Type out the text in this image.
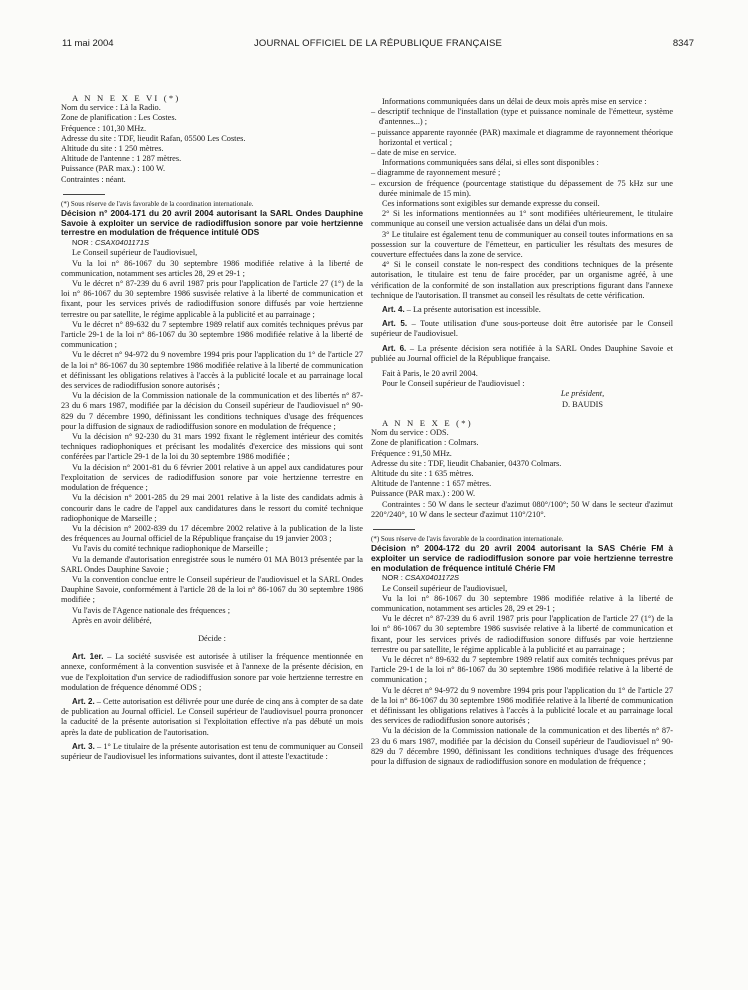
11 mai 2004	JOURNAL OFFICIEL DE LA RÉPUBLIQUE FRANÇAISE	8347

A N N E X E VI (*)

Nom du service : Là la Radio.

Zone de planification : Les Costes.

Fréquence : 101,30 MHz.

Adresse du site : TDF, lieudit Rafan, 05500 Les Costes.

Altitude du site : 1 250 mètres.

Altitude de l'antenne : 1 287 mètres.

Puissance (PAR max.) : 100 W.

Contraintes : néant.

(*) Sous réserve de l'avis favorable de la coordination internationale.

Décision n° 2004-171 du 20 avril 2004 autorisant la SARL Ondes Dauphine Savoie à exploiter un service de radiodiffusion sonore par voie hertzienne terrestre en modulation de fréquence intitulé ODS

NOR : CSAX0401171S

Le Conseil supérieur de l'audiovisuel,

Vu la loi n° 86-1067 du 30 septembre 1986 modifiée relative à la liberté de communication, notamment ses articles 28, 29 et 29-1 ;

Vu le décret n° 87-239 du 6 avril 1987 pris pour l'application de l'article 27 (1°) de la loi n° 86-1067 du 30 septembre 1986 susvisée relative à la liberté de communication et fixant, pour les services privés de radiodiffusion sonore diffusés par voie hertzienne terrestre ou par satellite, le régime applicable à la publicité et au parrainage ;

Vu le décret n° 89-632 du 7 septembre 1989 relatif aux comités techniques prévus par l'article 29-1 de la loi n° 86-1067 du 30 septembre 1986 modifiée relative à la liberté de communication ;

Vu le décret n° 94-972 du 9 novembre 1994 pris pour l'application du 1° de l'article 27 de la loi n° 86-1067 du 30 septembre 1986 modifiée relative à la liberté de communication et définissant les obligations relatives à l'accès à la publicité locale et au parrainage local des services de radiodiffusion sonore autorisés ;

Vu la décision de la Commission nationale de la communication et des libertés n° 87-23 du 6 mars 1987, modifiée par la décision du Conseil supérieur de l'audiovisuel n° 90-829 du 7 décembre 1990, définissant les conditions techniques d'usage des fréquences pour la diffusion de signaux de radiodiffusion sonore en modulation de fréquence ;

Vu la décision n° 92-230 du 31 mars 1992 fixant le règlement intérieur des comités techniques radiophoniques et précisant les modalités d'exercice des missions qui sont conférées par l'article 29-1 de la loi du 30 septembre 1986 modifiée ;

Vu la décision n° 2001-81 du 6 février 2001 relative à un appel aux candidatures pour l'exploitation de services de radiodiffusion sonore par voie hertzienne terrestre en modulation de fréquence ;

Vu la décision n° 2001-285 du 29 mai 2001 relative à la liste des candidats admis à concourir dans le cadre de l'appel aux candidatures dans le ressort du comité technique radiophonique de Marseille ;

Vu la décision n° 2002-839 du 17 décembre 2002 relative à la publication de la liste des fréquences au Journal officiel de la République française du 19 janvier 2003 ;

Vu l'avis du comité technique radiophonique de Marseille ;

Vu la demande d'autorisation enregistrée sous le numéro 01 MA B013 présentée par la SARL Ondes Dauphine Savoie ;

Vu la convention conclue entre le Conseil supérieur de l'audiovisuel et la SARL Ondes Dauphine Savoie, conformément à l'article 28 de la loi n° 86-1067 du 30 septembre 1986 modifiée ;

Vu l'avis de l'Agence nationale des fréquences ;

Après en avoir délibéré,

Décide :

Art. 1er. – La société susvisée est autorisée à utiliser la fréquence mentionnée en annexe, conformément à la convention susvisée et à l'annexe de la présente décision, en vue de l'exploitation d'un service de radiodiffusion sonore par voie hertzienne terrestre en modulation de fréquence dénommé ODS ;

Art. 2. – Cette autorisation est délivrée pour une durée de cinq ans à compter de sa date de publication au Journal officiel. Le Conseil supérieur de l'audiovisuel pourra prononcer la caducité de la présente autorisation si l'exploitation effective n'a pas débuté un mois après la date de publication de l'autorisation.

Art. 3. – 1° Le titulaire de la présente autorisation est tenu de communiquer au Conseil supérieur de l'audiovisuel les informations suivantes, dont il atteste l'exactitude :

Informations communiquées dans un délai de deux mois après mise en service :

– descriptif technique de l'installation (type et puissance nominale de l'émetteur, système d'antennes...) ;

– puissance apparente rayonnée (PAR) maximale et diagramme de rayonnement théorique horizontal et vertical ;

– date de mise en service.

Informations communiquées sans délai, si elles sont disponibles :

– diagramme de rayonnement mesuré ;

– excursion de fréquence (pourcentage statistique du dépassement de 75 kHz sur une durée minimale de 15 min).

Ces informations sont exigibles sur demande expresse du conseil.

2° Si les informations mentionnées au 1° sont modifiées ultérieurement, le titulaire communique au conseil une version actualisée dans un délai d'un mois.

3° Le titulaire est également tenu de communiquer au conseil toutes informations en sa possession sur la couverture de l'émetteur, en particulier les résultats des mesures de couverture effectuées dans la zone de service.

4° Si le conseil constate le non-respect des conditions techniques de la présente autorisation, le titulaire est tenu de faire procéder, par un organisme agréé, à une vérification de la conformité de son installation aux prescriptions figurant dans l'annexe technique de l'autorisation. Il transmet au conseil les résultats de cette vérification.

Art. 4. – La présente autorisation est incessible.

Art. 5. – Toute utilisation d'une sous-porteuse doit être autorisée par le Conseil supérieur de l'audiovisuel.

Art. 6. – La présente décision sera notifiée à la SARL Ondes Dauphine Savoie et publiée au Journal officiel de la République française.

Fait à Paris, le 20 avril 2004.

Pour le Conseil supérieur de l'audiovisuel :

Le président,

D. BAUDIS

A N N E X E (*)

Nom du service : ODS.

Zone de planification : Colmars.

Fréquence : 91,50 MHz.

Adresse du site : TDF, lieudit Chabanier, 04370 Colmars.

Altitude du site : 1 635 mètres.

Altitude de l'antenne : 1 657 mètres.

Puissance (PAR max.) : 200 W.

Contraintes : 50 W dans le secteur d'azimut 080°/100°; 50 W dans le secteur d'azimut 220°/240°, 10 W dans le secteur d'azimut 110°/210°.

(*) Sous réserve de l'avis favorable de la coordination internationale.

Décision n° 2004-172 du 20 avril 2004 autorisant la SAS Chérie FM à exploiter un service de radiodiffusion sonore par voie hertzienne terrestre en modulation de fréquence intitulé Chérie FM

NOR : CSAX0401172S

Le Conseil supérieur de l'audiovisuel,

Vu la loi n° 86-1067 du 30 septembre 1986 modifiée relative à la liberté de communication, notamment ses articles 28, 29 et 29-1 ;

Vu le décret n° 87-239 du 6 avril 1987 pris pour l'application de l'article 27 (1°) de la loi n° 86-1067 du 30 septembre 1986 susvisée relative à la liberté de communication et fixant, pour les services privés de radiodiffusion sonore diffusés par voie hertzienne terrestre ou par satellite, le régime applicable à la publicité et au parrainage ;

Vu le décret n° 89-632 du 7 septembre 1989 relatif aux comités techniques prévus par l'article 29-1 de la loi n° 86-1067 du 30 septembre 1986 modifiée relative à la liberté de communication ;

Vu le décret n° 94-972 du 9 novembre 1994 pris pour l'application du 1° de l'article 27 de la loi n° 86-1067 du 30 septembre 1986 modifiée relative à la liberté de communication et définissant les obligations relatives à l'accès à la publicité locale et au parrainage local des services de radiodiffusion sonore autorisés ;

Vu la décision de la Commission nationale de la communication et des libertés n° 87-23 du 6 mars 1987, modifiée par la décision du Conseil supérieur de l'audiovisuel n° 90-829 du 7 décembre 1990, définissant les conditions techniques d'usage des fréquences pour la diffusion de signaux de radiodiffusion sonore en modulation de fréquence ;
